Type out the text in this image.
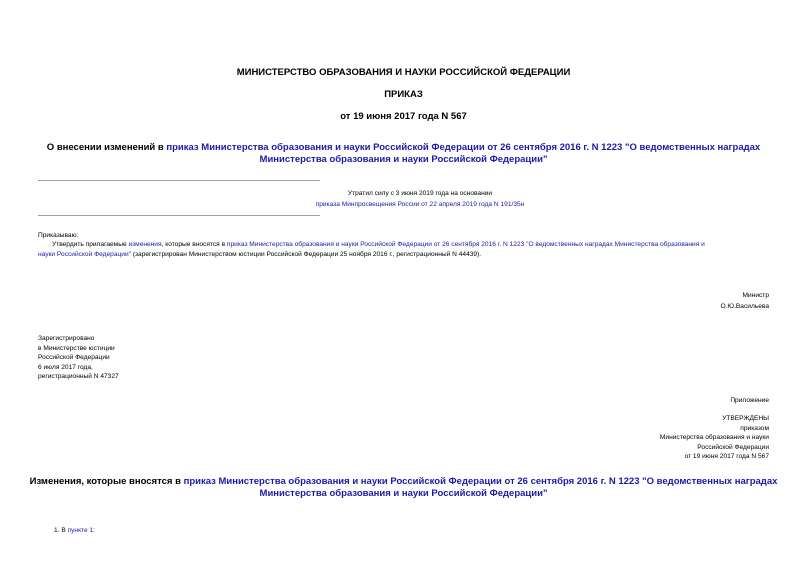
МИНИСТЕРСТВО ОБРАЗОВАНИЯ И НАУКИ РОССИЙСКОЙ ФЕДЕРАЦИИ
ПРИКАЗ
от 19 июня 2017 года N 567
О внесении изменений в приказ Министерства образования и науки Российской Федерации от 26 сентября 2016 г. N 1223 "О ведомственных наградах
Министерства образования и науки Российской Федерации"
Утратил силу с 3 июня 2019 года на основании
приказа Минпросвещения России от 22 апреля 2019 года N 191/35н
Приказываю:
Утвердить прилагаемые изменения, которые вносятся в приказ Министерства образования и науки Российской Федерации от 26 сентября 2016 г. N 1223 "О ведомственных наградах Министерства образования и
науки Российской Федерации" (зарегистрирован Министерством юстиции Российской Федерации 25 ноября 2016 г., регистрационный N 44439).
Министр
О.Ю.Васильева
Зарегистрировано
в Министерстве юстиции
Российской Федерации
6 июля 2017 года,
регистрационный N 47327
Приложение
УТВЕРЖДЕНЫ
приказом
Министерства образования и науки
Российской Федерации
от 19 июня 2017 года N 567
Изменения, которые вносятся в приказ Министерства образования и науки Российской Федерации от 26 сентября 2016 г. N 1223 "О ведомственных наградах
Министерства образования и науки Российской Федерации"
1. В пункте 1:
